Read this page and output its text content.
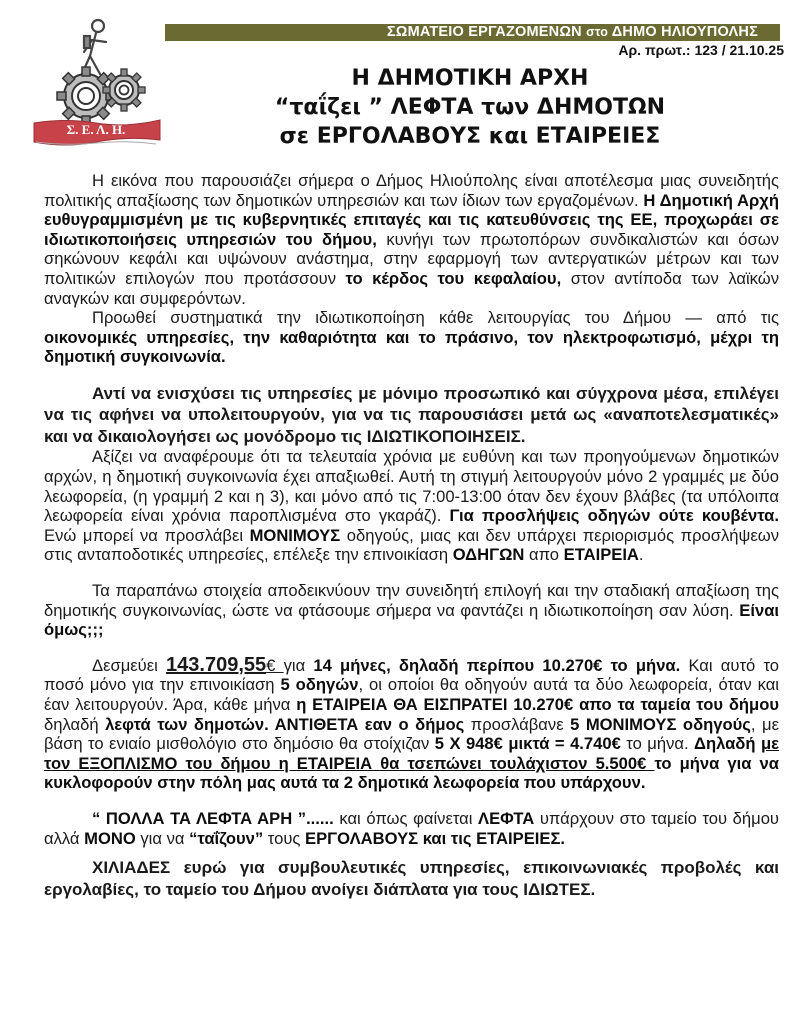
Σ. Ε. Λ. Η.
ΣΩΜΑΤΕΙΟ ΕΡΓΑΖΟΜΕΝΩΝ στο ΔΗΜΟ ΗΛΙΟΥΠΟΛΗΣ
Αρ. πρωτ.: 123 / 21.10.25
Η ΔΗΜΟΤΙΚΗ ΑΡΧΗ
“ταΐζει ” ΛΕΦΤΑ των ΔΗΜΟΤΩΝ
σε ΕΡΓΟΛΑΒΟΥΣ και ΕΤΑΙΡΕΙΕΣ

Η εικόνα που παρουσιάζει σήμερα ο Δήμος Ηλιούπολης είναι αποτέλεσμα μιας συνειδητής πολιτικής απαξίωσης των δημοτικών υπηρεσιών και των ίδιων των εργαζομένων. Η Δημοτική Αρχή ευθυγραμμισμένη με τις κυβερνητικές επιταγές και τις κατευθύνσεις της ΕΕ, προχωράει σε ιδιωτικοποιήσεις υπηρεσιών του δήμου, κυνήγι των πρωτοπόρων συνδικαλιστών και όσων σηκώνουν κεφάλι και υψώνουν ανάστημα, στην εφαρμογή των αντεργατικών μέτρων και των πολιτικών επιλογών που προτάσσουν το κέρδος του κεφαλαίου, στον αντίποδα των λαϊκών αναγκών και συμφερόντων.

Προωθεί συστηματικά την ιδιωτικοποίηση κάθε λειτουργίας του Δήμου — από τις οικονομικές υπηρεσίες, την καθαριότητα και το πράσινο, τον ηλεκτροφωτισμό, μέχρι τη δημοτική συγκοινωνία.

Αντί να ενισχύσει τις υπηρεσίες με μόνιμο προσωπικό και σύγχρονα μέσα, επιλέγει να τις αφήνει να υπολειτουργούν, για να τις παρουσιάσει μετά ως «αναποτελεσματικές» και να δικαιολογήσει ως μονόδρομο τις ΙΔΙΩΤΙΚΟΠΟΙΗΣΕΙΣ.

Αξίζει να αναφέρουμε ότι τα τελευταία χρόνια με ευθύνη και των προηγούμενων δημοτικών αρχών, η δημοτική συγκοινωνία έχει απαξιωθεί. Αυτή τη στιγμή λειτουργούν μόνο 2 γραμμές με δύο λεωφορεία, (η γραμμή 2 και η 3), και μόνο από τις 7:00-13:00 όταν δεν έχουν βλάβες (τα υπόλοιπα λεωφορεία είναι χρόνια παροπλισμένα στο γκαράζ). Για προσλήψεις οδηγών ούτε κουβέντα. Ενώ μπορεί να προσλάβει ΜΟΝΙΜΟΥΣ οδηγούς, μιας και δεν υπάρχει περιορισμός προσλήψεων στις ανταποδοτικές υπηρεσίες, επέλεξε την επινοικίαση ΟΔΗΓΩΝ απο ΕΤΑΙΡΕΙΑ.

Τα παραπάνω στοιχεία αποδεικνύουν την συνειδητή επιλογή και την σταδιακή απαξίωση της δημοτικής συγκοινωνίας, ώστε να φτάσουμε σήμερα να φαντάζει η ιδιωτικοποίηση σαν λύση. Είναι όμως;;;

Δεσμεύει 143.709,55€ για 14 μήνες, δηλαδή περίπου 10.270€ το μήνα. Και αυτό το ποσό μόνο για την επινοικίαση 5 οδηγών, οι οποίοι θα οδηγούν αυτά τα δύο λεωφορεία, όταν και έαν λειτουργούν. Άρα, κάθε μήνα η ΕΤΑΙΡΕΙΑ ΘΑ ΕΙΣΠΡΑΤΕΙ 10.270€ απο τα ταμεία του δήμου δηλαδή λεφτά των δημοτών. ΑΝΤΙΘΕΤΑ εαν ο δήμος προσλάβανε 5 ΜΟΝΙΜΟΥΣ οδηγούς, με βάση το ενιαίο μισθολόγιο στο δημόσιο θα στοίχιζαν 5 Χ 948€ μικτά = 4.740€ το μήνα. Δηλαδή με τον ΕΞΟΠΛΙΣΜΟ του δήμου η ΕΤΑΙΡΕΙΑ θα τσεπώνει τουλάχιστον 5.500€ το μήνα για να κυκλοφορούν στην πόλη μας αυτά τα 2 δημοτικά λεωφορεία που υπάρχουν.

“ ΠΟΛΛΑ ΤΑ ΛΕΦΤΑ ΑΡΗ ”...... και όπως φαίνεται ΛΕΦΤΑ υπάρχουν στο ταμείο του δήμου αλλά ΜΟΝΟ για να “ταΐζουν” τους ΕΡΓΟΛΑΒΟΥΣ και τις ΕΤΑΙΡΕΙΕΣ.

ΧΙΛΙΑΔΕΣ ευρώ για συμβουλευτικές υπηρεσίες, επικοινωνιακές προβολές και εργολαβίες, το ταμείο του Δήμου ανοίγει διάπλατα για τους ΙΔΙΩΤΕΣ.
